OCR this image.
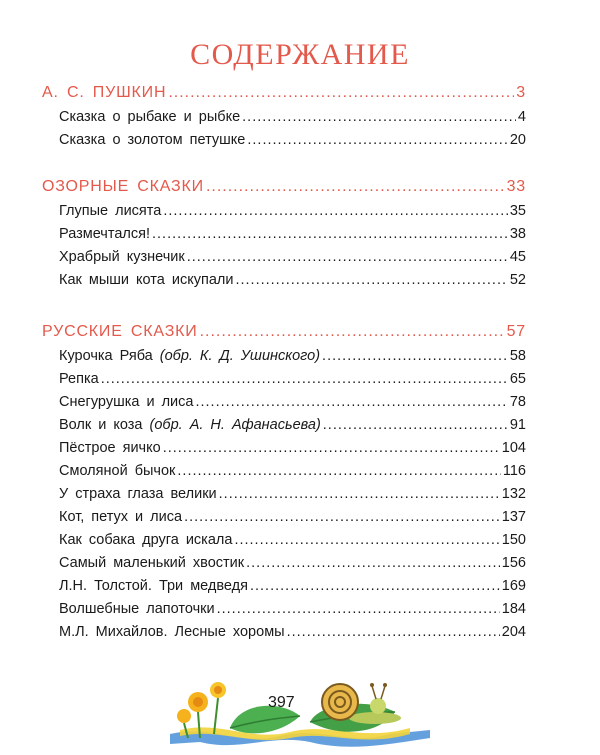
СОДЕРЖАНИЕ
А. С. ПУШКИН .....	3
Сказка о рыбаке и рыбке .....	4
Сказка о золотом петушке .....	20
ОЗОРНЫЕ СКАЗКИ .....	33
Глупые лисята .....	35
Размечтался! .....	38
Храбрый кузнечик .....	45
Как мыши кота искупали .....	52
РУССКИЕ СКАЗКИ .....	57
Курочка Ряба (обр. К. Д. Ушинского) .....	58
Репка .....	65
Снегурушка и лиса .....	78
Волк и коза (обр. А. Н. Афанасьева) .....	91
Пёстрое яичко .....	104
Смоляной бычок .....	116
У страха глаза велики .....	132
Кот, петух и лиса .....	137
Как собака друга искала .....	150
Самый маленький хвостик .....	156
Л.Н. Толстой. Три медведя .....	169
Волшебные лапоточки .....	184
М.Л. Михайлов. Лесные хоромы .....	204
397
